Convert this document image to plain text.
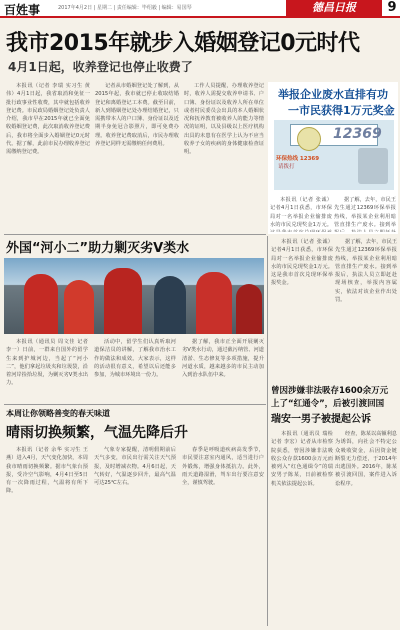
百姓事	2017年4月2日 | 星期二 | 责任编辑：毕绍毅 | 编辑：易国琴	德昌日报	9
我市2015年就步入婚姻登记0元时代
4月1日起，收养登记也停止收费了

本报讯（记者 李瑞 实习生 黄伟）4月1日起，我省取消和免征一批行政事业性收费，其中就包括收养登记费。市民政局婚姻登记处负责人介绍，我市早在2015年就已全面免收婚姻登记费，此次取消收养登记费后，我市将全面步入婚姻登记0元时代。据了解，此前市民办理收养登记需缴纳登记费。

记者从市婚姻登记处了解到，从2015年起，我市就已停止收取结婚登记和离婚登记工本费。截至目前，新人到婚姻登记处办理结婚登记，只需携带本人的户口簿、身份证以及近期半身免冠合影照片，即可免费办理。收养登记费取消后，市民办理收养登记同样无需缴纳任何费用。

工作人员提醒，办理收养登记时，收养人需提交收养申请书、户口簿、身份证以及收养人所在单位或者村民委员会出具的本人婚姻状况和抚养教育被收养人的能力等情况的证明，以及县级以上医疗机构出具的未患有在医学上认为不应当收养子女的疾病的身体健康检查证明。

举报企业废水直排有功
一市民获得1万元奖金
12369
环保热线 12369
请拨打

本报讯（记者 张诚）记者4月1日获悉，市环保局对一名举报企业偷排废水的市民兑现奖金1万元。

据了解，去年，市民王先生通过12369环保举报热线，举报某企业利用暗管直排生产废水。接到举

外国“河小二”助力剿灭劣Ⅴ类水

本报讯（通讯员 周文佳 记者 李一）日前，一群来自国外的留学生来到护城河边，当起了“河小二”，他们拿起垃圾夹和垃圾袋，沿着河岸捡拾垃圾，为剿灭劣Ⅴ类水出力。

活动中，留学生们认真听取河道保洁员的讲解，了解我市治水工作的做法和成效。大家表示，这样的活动很有意义，希望以后还能多参加，为城市环境出一份力。

据了解，我市正全面开展剿灭劣Ⅴ类水行动，通过截污纳管、河道清淤、生态修复等多项措施，提升河道水质，越来越多的市民主动加入到治水队伍中来。

本周让你领略善变的春天味道
晴雨切换频繁，气温先降后升

本报讯（记者 余华 实习生 王燕）进入4月，天气变化加快，本周我市晴雨切换频繁。据市气象台预报，受冷空气影响，4月4日至5日有一次降雨过程，气温将有所下降。

气象专家提醒，清明假期前后天气多变，市民出行需关注天气预报，及时增减衣物。4月6日起，天气转好，气温逐步回升，最高气温可达25℃左右。

春季是呼吸道疾病高发季节，市民要注意室内通风，适当进行户外锻炼，增强身体抵抗力。此外，雨天道路湿滑，驾车出行要注意安全，谨慎驾驶。

本报讯（记者 张诚）记者4月1日获悉，市环保局对一名举报企业偷排废水的市民兑现奖金1万元。这是我市首次兑现环保举报奖金。

据了解，去年，市民王先生通过12369环保举报热线，举报某企业利用暗管直排生产废水。接到举报后，执法人员立即赶赴现场核查，举报内容属实，依法对该企业作出处罚。

曾因涉嫌非法吸存1600余万元
上了“红通令”，后被引渡回国
瑞安一男子被提起公诉

本报讯（通讯员 瑞检 记者 李宏）记者从市检察院获悉，曾因涉嫌非法吸收公众存款1600余万元而被列入“红色通缉令”的瑞安男子陈某，日前被检察机关依法提起公诉。

经查，陈某以高额利息为诱饵，向社会不特定公众吸收资金，后因资金链断裂无力偿还，于2014年出逃国外。2016年，陈某被引渡回国，案件进入诉讼程序。
